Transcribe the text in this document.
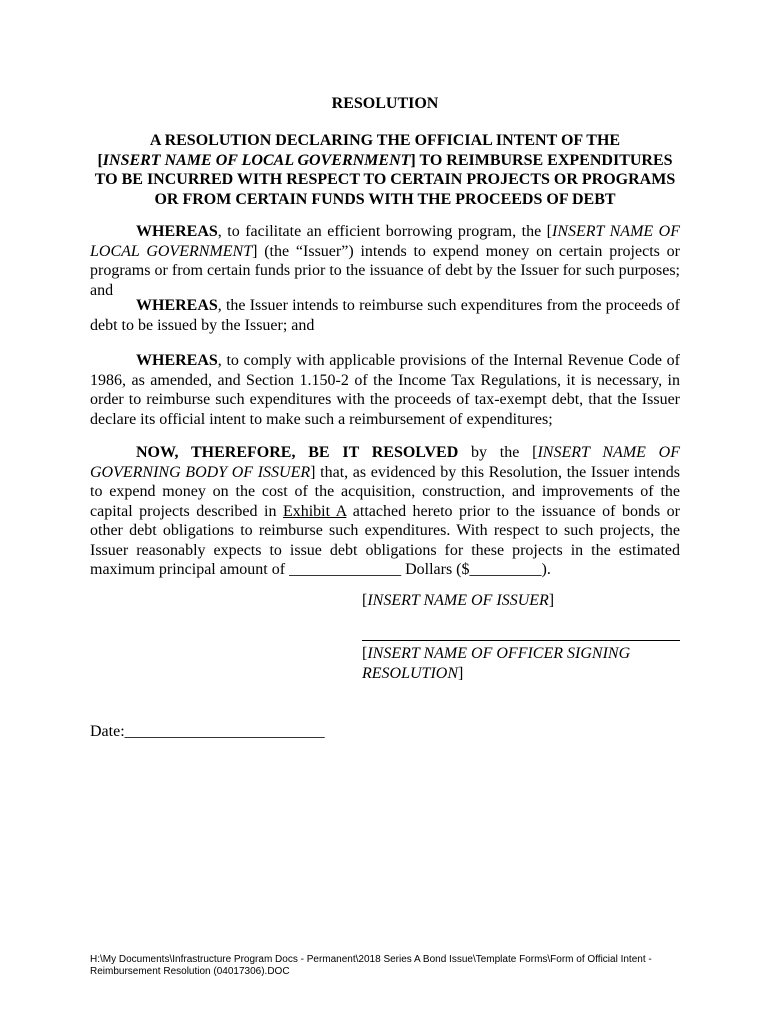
RESOLUTION
A RESOLUTION DECLARING THE OFFICIAL INTENT OF THE
[INSERT NAME OF LOCAL GOVERNMENT] TO REIMBURSE EXPENDITURES TO BE INCURRED WITH RESPECT TO CERTAIN PROJECTS OR PROGRAMS OR FROM CERTAIN FUNDS WITH THE PROCEEDS OF DEBT
WHEREAS, to facilitate an efficient borrowing program, the [INSERT NAME OF LOCAL GOVERNMENT] (the “Issuer”) intends to expend money on certain projects or programs or from certain funds prior to the issuance of debt by the Issuer for such purposes; and
WHEREAS, the Issuer intends to reimburse such expenditures from the proceeds of debt to be issued by the Issuer; and
WHEREAS, to comply with applicable provisions of the Internal Revenue Code of 1986, as amended, and Section 1.150-2 of the Income Tax Regulations, it is necessary, in order to reimburse such expenditures with the proceeds of tax-exempt debt, that the Issuer declare its official intent to make such a reimbursement of expenditures;
NOW, THEREFORE, BE IT RESOLVED by the [INSERT NAME OF GOVERNING BODY OF ISSUER] that, as evidenced by this Resolution, the Issuer intends to expend money on the cost of the acquisition, construction, and improvements of the capital projects described in Exhibit A attached hereto prior to the issuance of bonds or other debt obligations to reimburse such expenditures. With respect to such projects, the Issuer reasonably expects to issue debt obligations for these projects in the estimated maximum principal amount of ______________ Dollars ($_________).
[INSERT NAME OF ISSUER]
[INSERT NAME OF OFFICER SIGNING RESOLUTION]
Date:_________________________
H:\My Documents\Infrastructure Program Docs - Permanent\2018 Series A Bond Issue\Template Forms\Form of Official Intent -
Reimbursement Resolution (04017306).DOC
